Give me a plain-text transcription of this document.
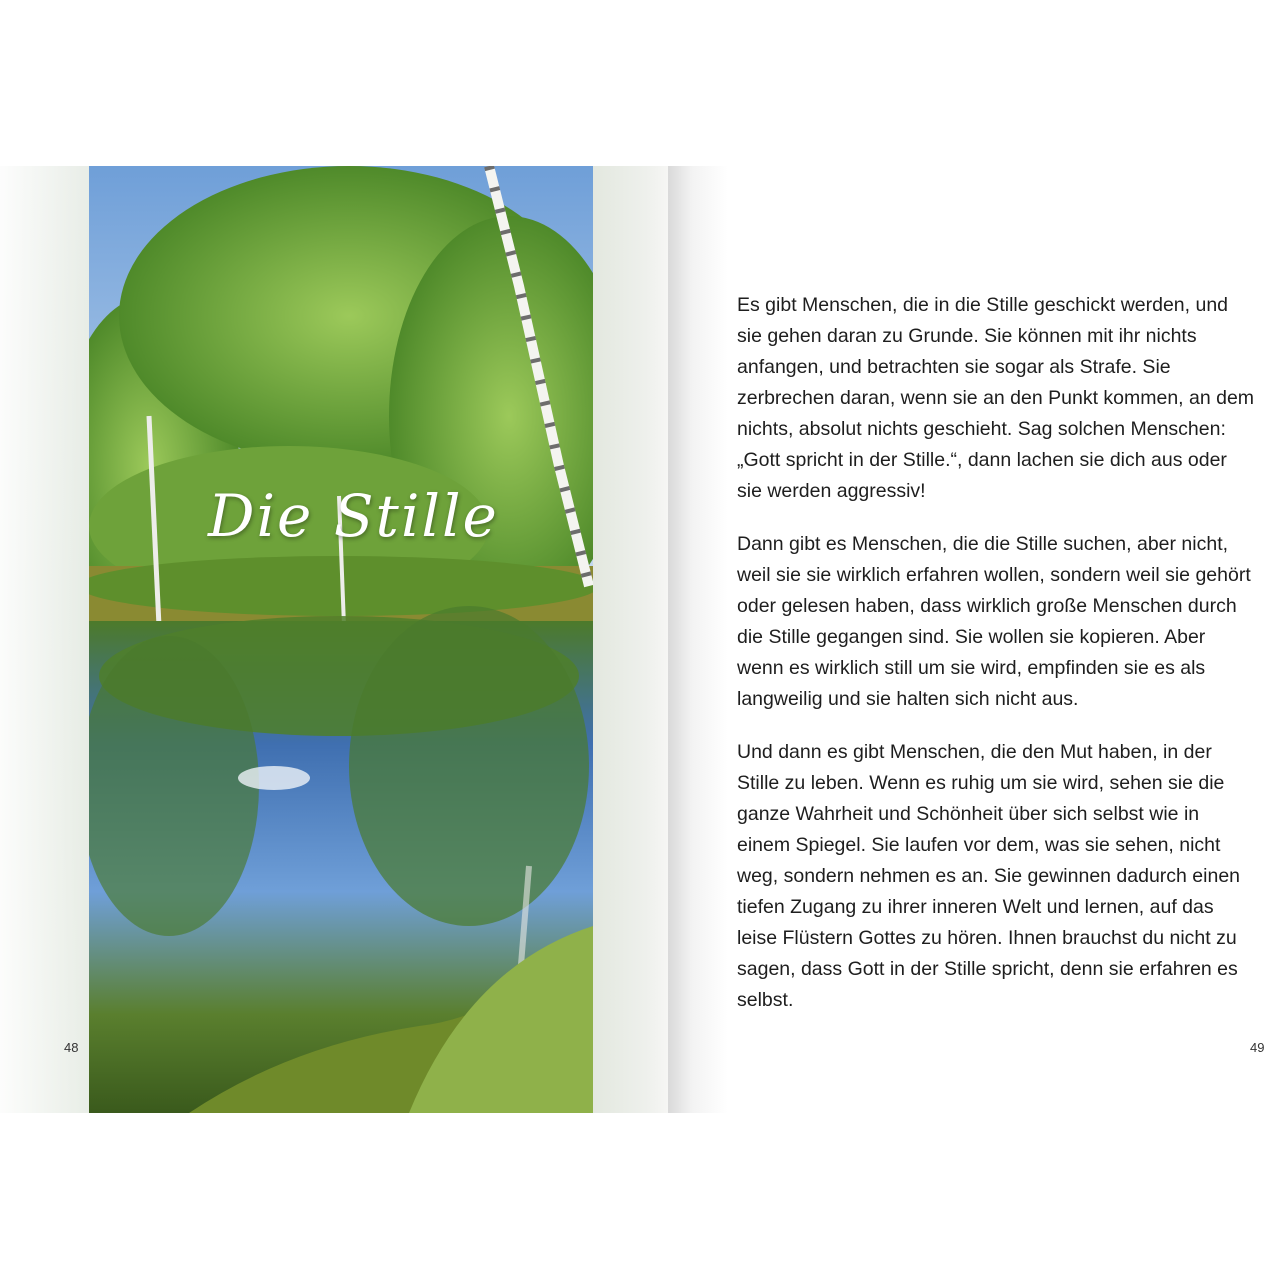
Die Stille
48	49

Es gibt Menschen, die in die Stille geschickt werden, und sie gehen daran zu Grunde. Sie können mit ihr nichts anfangen, und betrachten sie sogar als Strafe. Sie zerbrechen daran, wenn sie an den Punkt kommen, an dem nichts, absolut nichts geschieht. Sag solchen Menschen: „Gott spricht in der Stille.“, dann lachen sie dich aus oder sie werden aggressiv!

Dann gibt es Menschen, die die Stille suchen, aber nicht, weil sie sie wirklich erfahren wollen, sondern weil sie gehört oder gelesen haben, dass wirklich große Menschen durch die Stille gegangen sind. Sie wollen sie kopieren. Aber wenn es wirklich still um sie wird, empfinden sie es als langweilig und sie halten sich nicht aus.

Und dann es gibt Menschen, die den Mut haben, in der Stille zu leben. Wenn es ruhig um sie wird, sehen sie die ganze Wahrheit und Schönheit über sich selbst wie in einem Spiegel. Sie laufen vor dem, was sie sehen, nicht weg, sondern nehmen es an. Sie gewinnen dadurch einen tiefen Zugang zu ihrer inneren Welt und lernen, auf das leise Flüstern Gottes zu hören. Ihnen brauchst du nicht zu sagen, dass Gott in der Stille spricht, denn sie erfahren es selbst.
